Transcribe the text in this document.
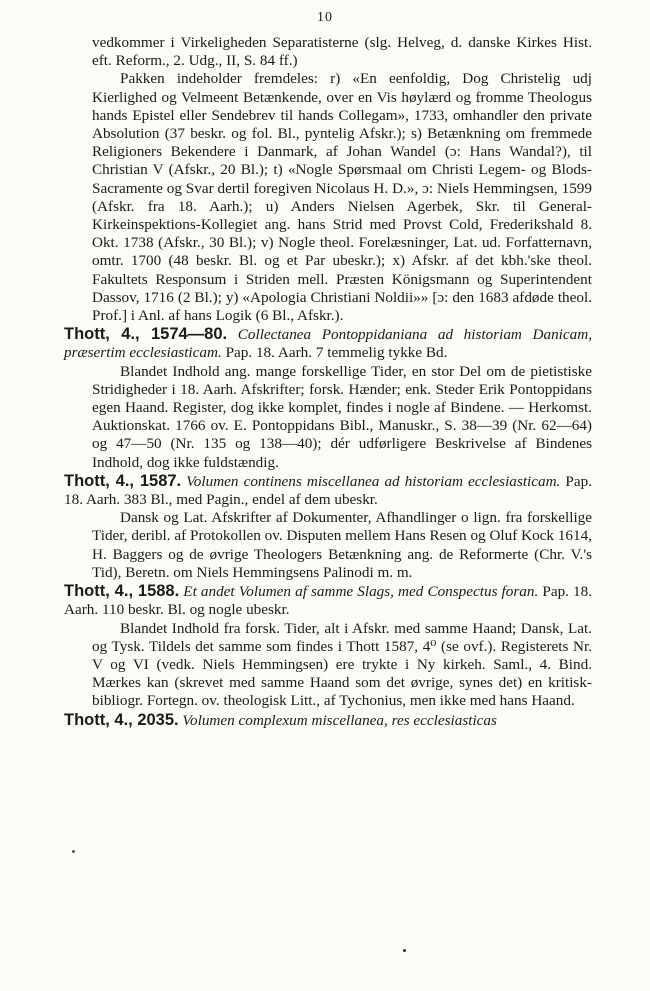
10

vedkommer i Virkeligheden Separatisterne (slg. Helveg, d. danske Kirkes Hist. eft. Reform., 2. Udg., II, S. 84 ff.)

Pakken indeholder fremdeles: r) «En eenfoldig, Dog Christelig udj Kierlighed og Velmeent Betænkende, over en Vis høylærd og fromme Theologus hands Epistel eller Sendebrev til hands Collegam», 1733, omhandler den private Absolution (37 beskr. og fol. Bl., pyntelig Afskr.); s) Betænkning om fremmede Religioners Bekendere i Danmark, af Johan Wandel (ɔ: Hans Wandal?), til Christian V (Afskr., 20 Bl.); t) «Nogle Spørsmaal om Christi Legem- og Blods-Sacramente og Svar dertil foregiven Nicolaus H. D.», ɔ: Niels Hemmingsen, 1599 (Afskr. fra 18. Aarh.); u) Anders Nielsen Agerbek, Skr. til General-Kirkeinspektions-Kollegiet ang. hans Strid med Provst Cold, Frederikshald 8. Okt. 1738 (Afskr., 30 Bl.); v) Nogle theol. Forelæsninger, Lat. ud. Forfatternavn, omtr. 1700 (48 beskr. Bl. og et Par ubeskr.); x) Afskr. af det kbh.'ske theol. Fakultets Responsum i Striden mell. Præsten Königsmann og Superintendent Dassov, 1716 (2 Bl.); y) «Apologia Christiani Noldii»» [ɔ: den 1683 afdøde theol. Prof.] i Anl. af hans Logik (6 Bl., Afskr.).

Thott, 4., 1574—80. Collectanea Pontoppidaniana ad historiam Danicam, præsertim ecclesiasticam. Pap. 18. Aarh. 7 temmelig tykke Bd.

Blandet Indhold ang. mange forskellige Tider, en stor Del om de pietistiske Stridigheder i 18. Aarh. Afskrifter; forsk. Hænder; enk. Steder Erik Pontoppidans egen Haand. Register, dog ikke komplet, findes i nogle af Bindene. — Herkomst. Auktionskat. 1766 ov. E. Pontoppidans Bibl., Manuskr., S. 38—39 (Nr. 62—64) og 47—50 (Nr. 135 og 138—40); dér udførligere Beskrivelse af Bindenes Indhold, dog ikke fuldstændig.

Thott, 4., 1587. Volumen continens miscellanea ad historiam ecclesiasticam. Pap. 18. Aarh. 383 Bl., med Pagin., endel af dem ubeskr.

Dansk og Lat. Afskrifter af Dokumenter, Afhandlinger o lign. fra forskellige Tider, deribl. af Protokollen ov. Disputen mellem Hans Resen og Oluf Kock 1614, H. Baggers og de øvrige Theologers Betænkning ang. de Reformerte (Chr. V.'s Tid), Beretn. om Niels Hemmingsens Palinodi m. m.

Thott, 4., 1588. Et andet Volumen af samme Slags, med Conspectus foran. Pap. 18. Aarh. 110 beskr. Bl. og nogle ubeskr.

Blandet Indhold fra forsk. Tider, alt i Afskr. med samme Haand; Dansk, Lat. og Tysk. Tildels det samme som findes i Thott 1587, 4⁰ (se ovf.). Registerets Nr. V og VI (vedk. Niels Hemmingsen) ere trykte i Ny kirkeh. Saml., 4. Bind. Mærkes kan (skrevet med samme Haand som det øvrige, synes det) en kritisk-bibliogr. Fortegn. ov. theologisk Litt., af Tychonius, men ikke med hans Haand.

Thott, 4., 2035. Volumen complexum miscellanea, res ecclesiasticas
